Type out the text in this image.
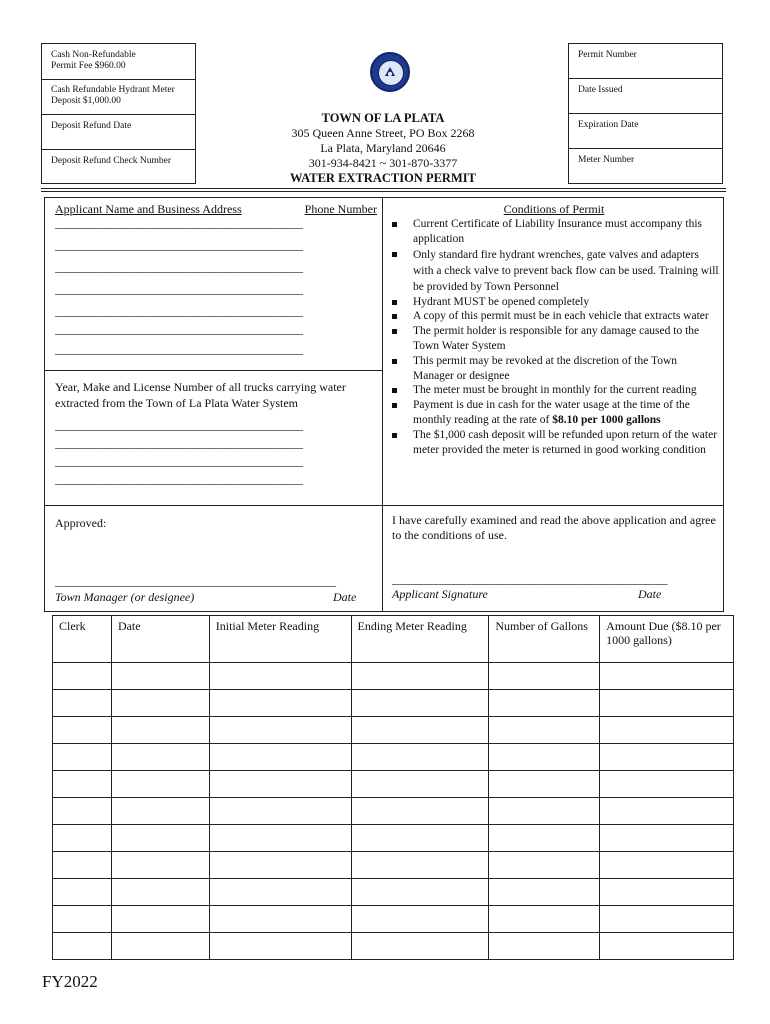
Cash Non-Refundable
Permit Fee $960.00
Cash Refundable Hydrant Meter
Deposit $1,000.00
Deposit Refund Date
Deposit Refund Check Number
TOWN OF LA PLATA
305 Queen Anne Street, PO Box 2268
La Plata, Maryland 20646
301-934-8421 ~ 301-870-3377
WATER EXTRACTION PERMIT
Permit Number
Date Issued
Expiration Date
Meter Number
Applicant Name and Business Address	Phone Number
_____________________________________________
_____________________________________________
_____________________________________________
_____________________________________________
_____________________________________________
_____________________________________________
_____________________________________________
Year, Make and License Number of all trucks carrying water
extracted from the Town of La Plata Water System
_____________________________________________
_____________________________________________
_____________________________________________
_____________________________________________
Conditions of Permit
Current Certificate of Liability Insurance must accompany this application
Only standard fire hydrant wrenches, gate valves and adapters with a check valve to prevent back flow can be used. Training will be provided by Town Personnel
Hydrant MUST be opened completely
A copy of this permit must be in each vehicle that extracts water
The permit holder is responsible for any damage caused to the Town Water System
This permit may be revoked at the discretion of the Town Manager or designee
The meter must be brought in monthly for the current reading
Payment is due in cash for the water usage at the time of the monthly reading at the rate of $8.10 per 1000 gallons
The $1,000 cash deposit will be refunded upon return of the water meter provided the meter is returned in good working condition
Approved:
___________________________________________________
Town Manager (or designee)	Date
I have carefully examined and read the above application and agree to the conditions of use.
__________________________________________________
Applicant Signature	Date
Clerk	Date	Initial Meter Reading	Ending Meter Reading	Number of Gallons	Amount Due ($8.10 per 1000 gallons)

FY2022
